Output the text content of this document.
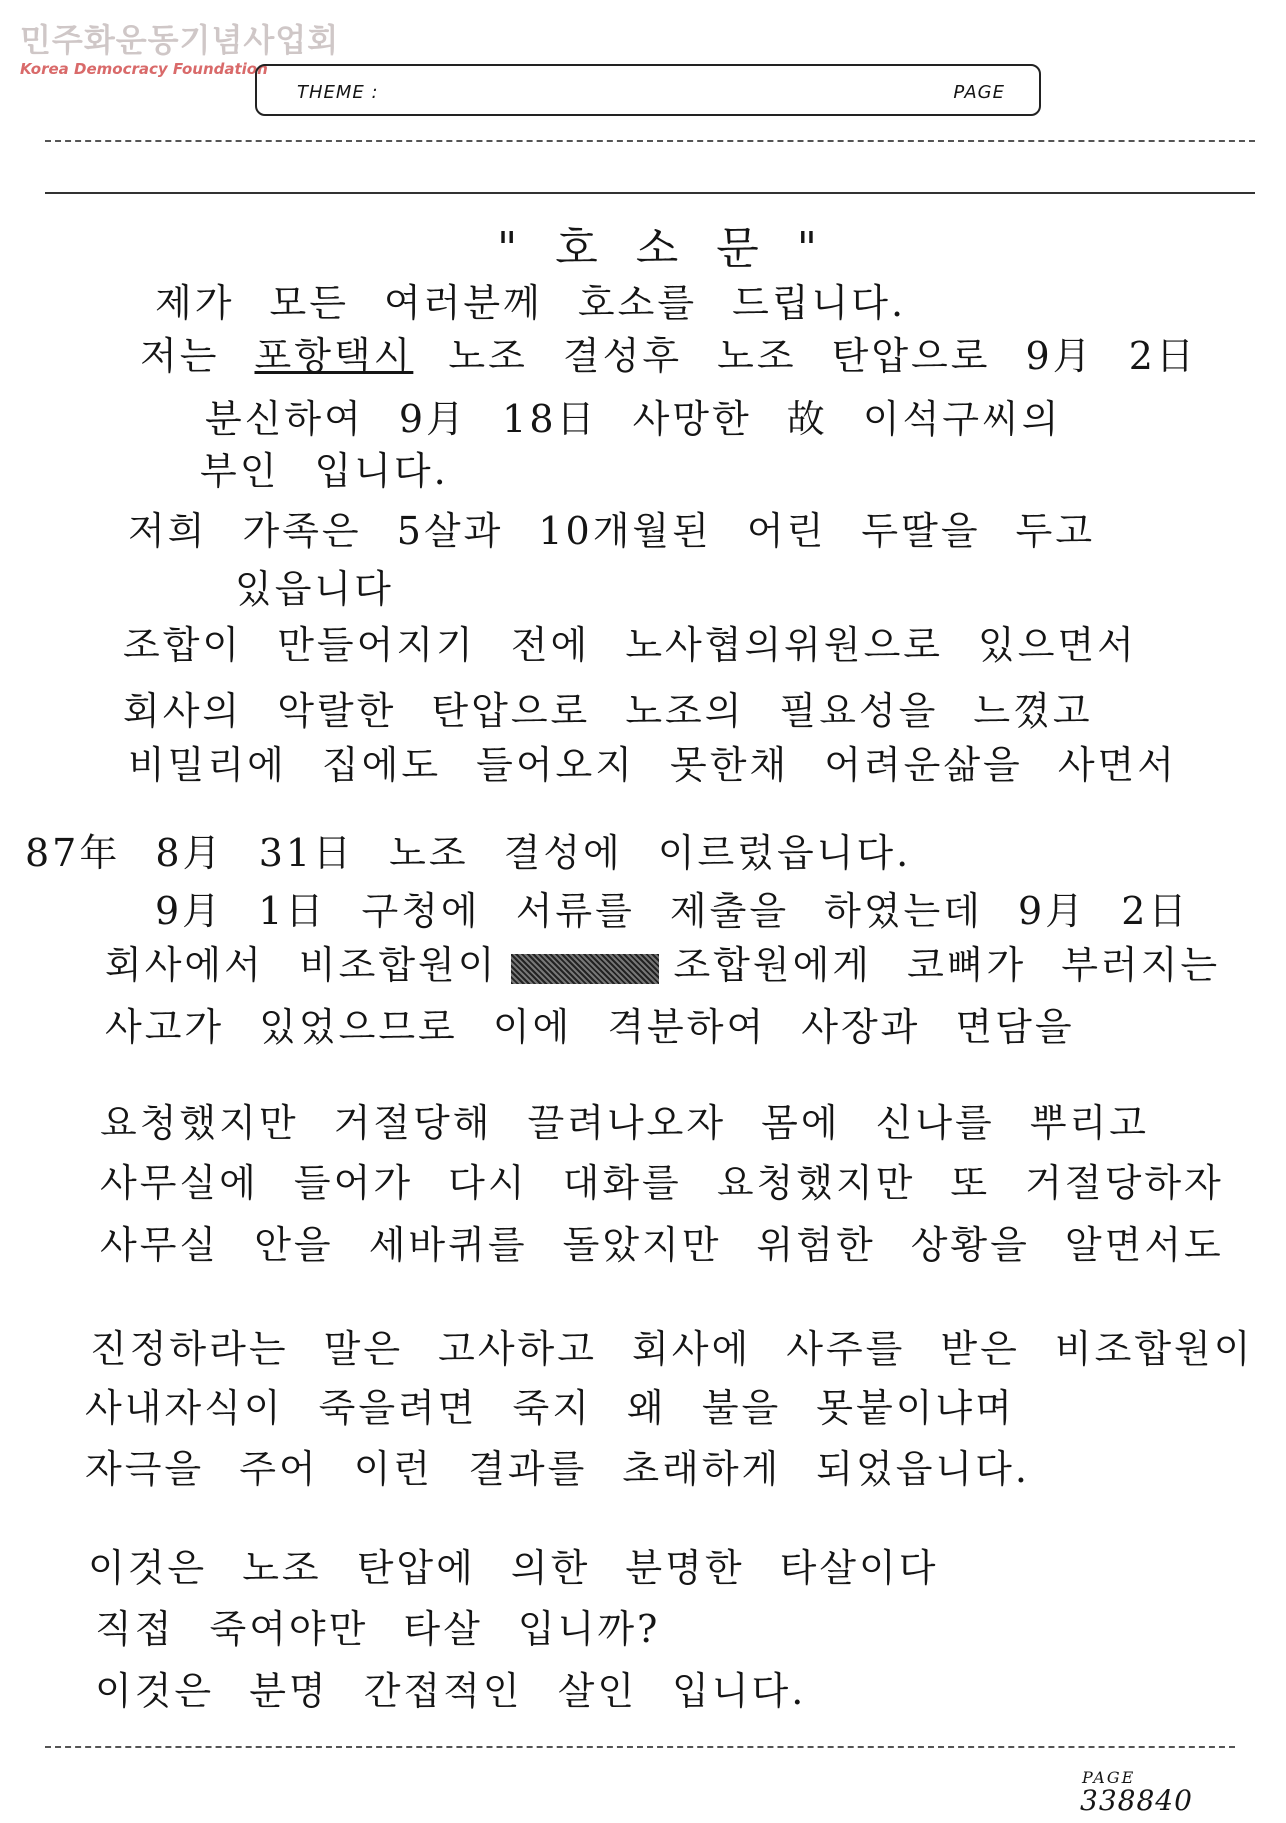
민주화운동기념사업회
Korea Democracy Foundation
THEME :	PAGE
" 호 소 문 "
제가 모든 여러분께 호소를 드립니다.
저는 포항택시 노조 결성후 노조 탄압으로 9月 2日
분신하여 9月 18日 사망한 故 이석구씨의
부인 입니다.
저희 가족은 5살과 10개월된 어린 두딸을 두고
있읍니다
조합이 만들어지기 전에 노사협의위원으로 있으면서
회사의 악랄한 탄압으로 노조의 필요성을 느꼈고
비밀리에 집에도 들어오지 못한채 어려운삶을 사면서
87年 8月 31日 노조 결성에 이르렀읍니다.
9月 1日 구청에 서류를 제출을 하였는데 9月 2日
회사에서 비조합원이	조합원에게 코뼈가 부러지는
사고가 있었으므로 이에 격분하여 사장과 면담을
요청했지만 거절당해 끌려나오자 몸에 신나를 뿌리고
사무실에 들어가 다시 대화를 요청했지만 또 거절당하자
사무실 안을 세바퀴를 돌았지만 위험한 상황을 알면서도
진정하라는 말은 고사하고 회사에 사주를 받은 비조합원이
사내자식이 죽을려면 죽지 왜 불을 못붙이냐며
자극을 주어 이런 결과를 초래하게 되었읍니다.
이것은 노조 탄압에 의한 분명한 타살이다
직접 죽여야만 타살 입니까?
이것은 분명 간접적인 살인 입니다.
PAGE
338840
